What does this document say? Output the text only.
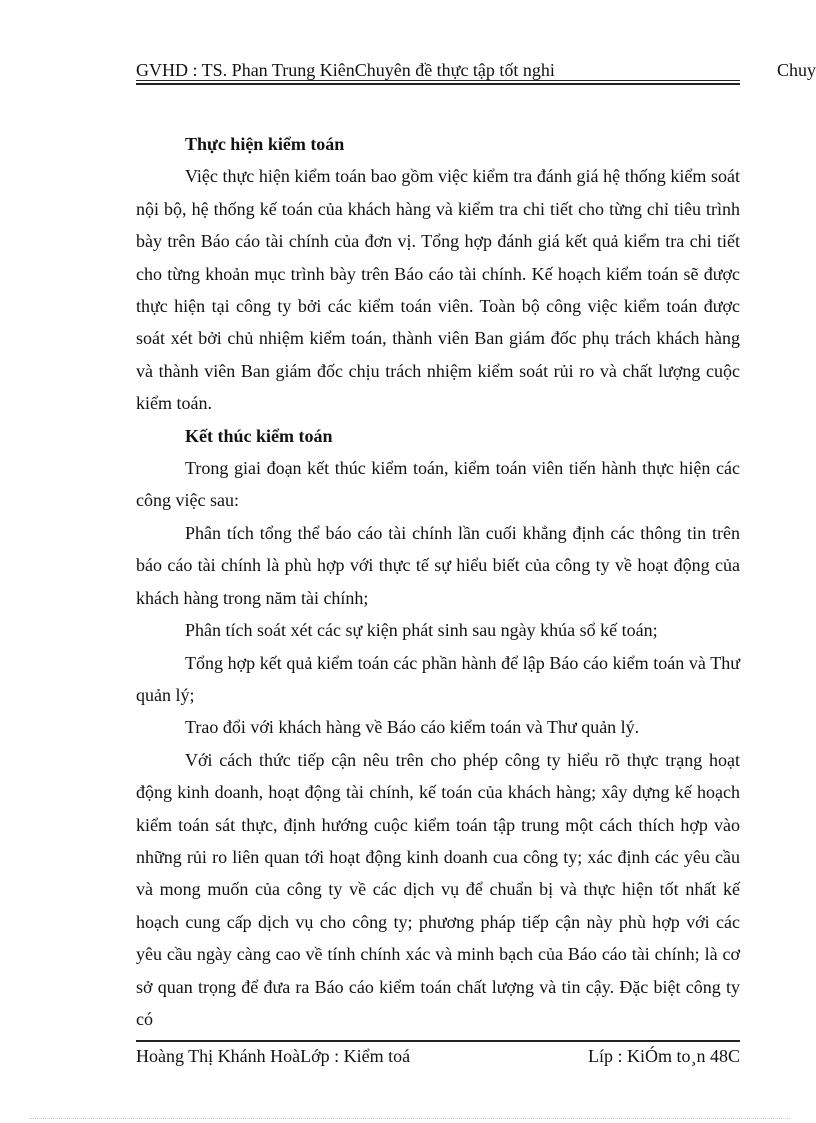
GVHD : TS. Phan Trung KiênChuyên đề thực tập tốt nghi	Chuy

Thực hiện kiểm toán

Việc thực hiện kiểm toán bao gồm việc kiểm tra đánh giá hệ thống kiểm soát nội bộ, hệ thống kế toán của khách hàng và kiểm tra chi tiết cho từng chỉ tiêu trình bày trên Báo cáo tài chính của đơn vị. Tổng hợp đánh giá kết quả kiểm tra chi tiết cho từng khoản mục trình bày trên Báo cáo tài chính. Kế hoạch kiểm toán sẽ được thực hiện tại công ty bởi các kiểm toán viên. Toàn bộ công việc kiểm toán được soát xét bởi chủ nhiệm kiểm toán, thành viên Ban giám đốc phụ trách khách hàng và thành viên Ban giám đốc chịu trách nhiệm kiểm soát rủi ro và chất lượng cuộc kiểm toán.

Kết thúc kiểm toán

Trong giai đoạn kết thúc kiểm toán, kiểm toán viên tiến hành thực hiện các công việc sau:

Phân tích tổng thể báo cáo tài chính lần cuối khẳng định các thông tin trên báo cáo tài chính là phù hợp với thực tế sự hiểu biết của công ty về hoạt động của khách hàng trong năm tài chính;

Phân tích soát xét các sự kiện phát sinh sau ngày khúa sổ kế toán;

Tổng hợp kết quả kiểm toán các phần hành để lập Báo cáo kiểm toán và Thư quản lý;

Trao đổi với khách hàng về Báo cáo kiểm toán và Thư quản lý.

Với cách thức tiếp cận nêu trên cho phép công ty hiểu rõ thực trạng hoạt động kinh doanh, hoạt động tài chính, kế toán của khách hàng; xây dựng kế hoạch kiểm toán sát thực, định hướng cuộc kiểm toán tập trung một cách thích hợp vào những rủi ro liên quan tới hoạt động kinh doanh cua công ty; xác định các yêu cầu và mong muốn của công ty về các dịch vụ để chuẩn bị và thực hiện tốt nhất kế hoạch cung cấp dịch vụ cho công ty; phương pháp tiếp cận này phù hợp với các yêu cầu ngày càng cao về tính chính xác và minh bạch của Báo cáo tài chính; là cơ sở quan trọng để đưa ra Báo cáo kiểm toán chất lượng và tin cậy. Đặc biệt công ty có

Hoàng Thị Khánh HoàLớp : Kiểm toá	Líp : KiÓm to¸n 48C
